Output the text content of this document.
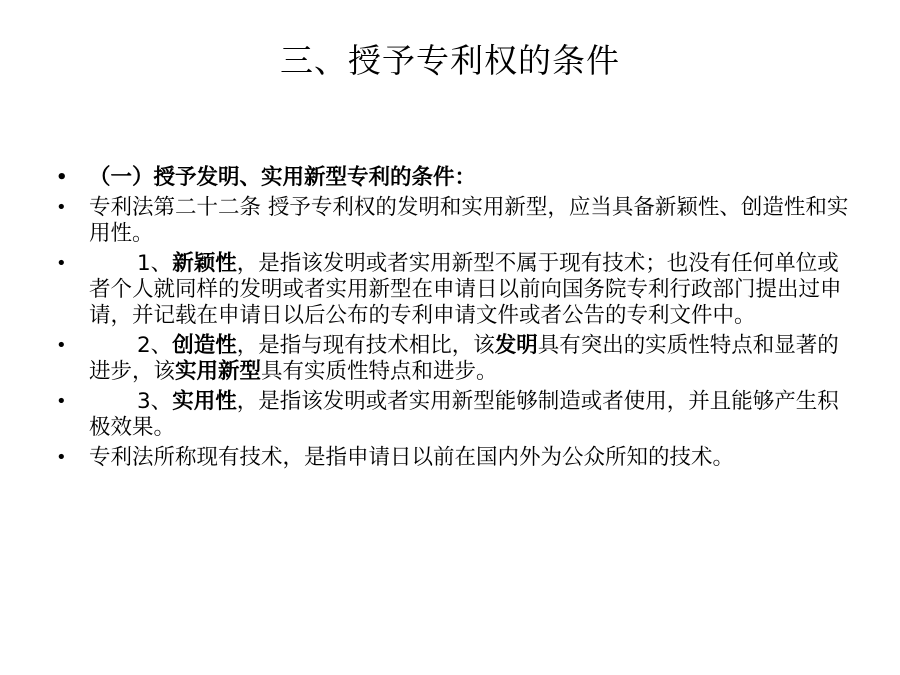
三、授予专利权的条件
• （一）授予发明、实用新型专利的条件：
• 专利法第二十二条 授予专利权的发明和实用新型，应当具备新颖性、创造性和实用性。
•	1、新颖性，是指该发明或者实用新型不属于现有技术；也没有任何单位或者个人就同样的发明或者实用新型在申请日以前向国务院专利行政部门提出过申请，并记载在申请日以后公布的专利申请文件或者公告的专利文件中。
•	2、创造性，是指与现有技术相比，该发明具有突出的实质性特点和显著的进步，该实用新型具有实质性特点和进步。
•	3、实用性，是指该发明或者实用新型能够制造或者使用，并且能够产生积极效果。
• 专利法所称现有技术，是指申请日以前在国内外为公众所知的技术。
